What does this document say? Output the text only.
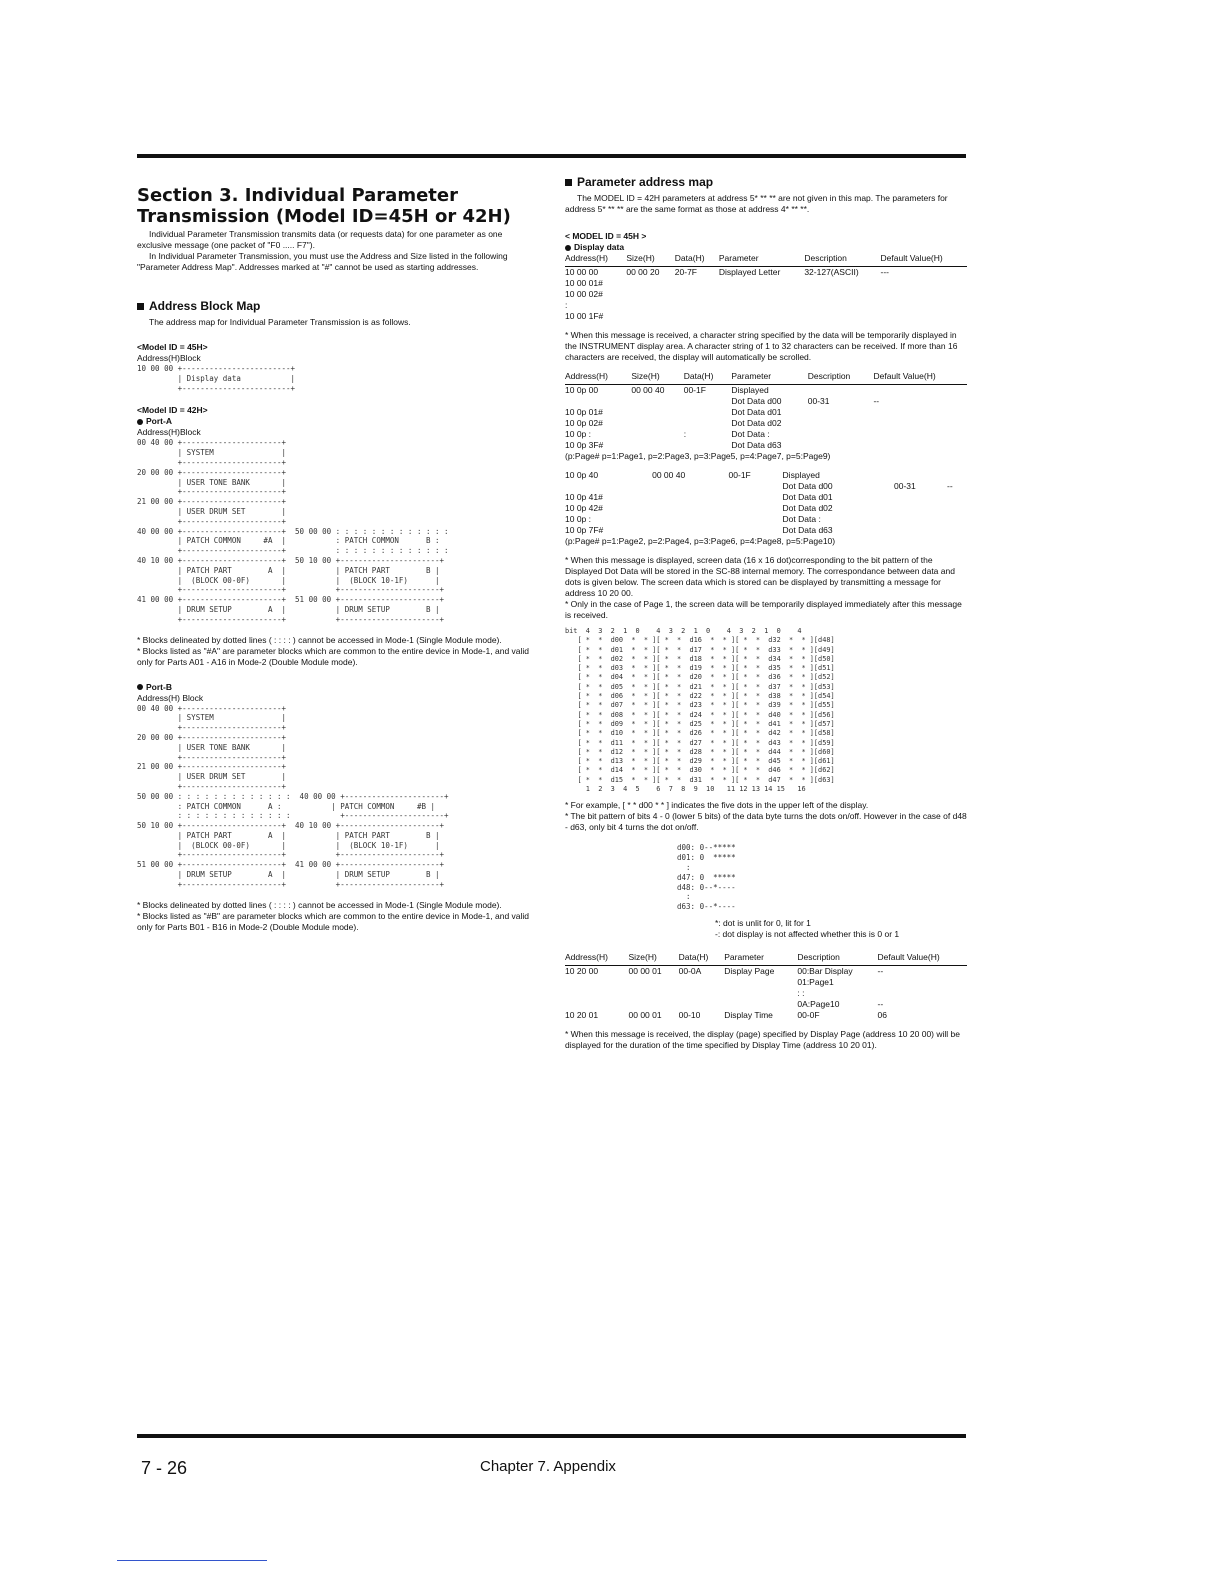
Section 3. Individual Parameter Transmission (Model ID=45H or 42H)

Individual Parameter Transmission transmits data (or requests data) for one parameter as one exclusive message (one packet of "F0 ..... F7").

In Individual Parameter Transmission, you must use the Address and Size listed in the following "Parameter Address Map". Addresses marked at "#" cannot be used as starting addresses.

Address Block Map

The address map for Individual Parameter Transmission is as follows.

<Model ID = 45H>
Address(H)Block
10 00 00 +------------------------+
| Display data           |
+------------------------+
<Model ID = 42H>
Port-A
Address(H)Block
00 40 00 +----------------------+
| SYSTEM               |
+----------------------+
20 00 00 +----------------------+
| USER TONE BANK       |
+----------------------+
21 00 00 +----------------------+
| USER DRUM SET        |
+----------------------+
40 00 00 +----------------------+  50 00 00 : : : : : : : : : : : : :
| PATCH COMMON     #A  |           : PATCH COMMON      B :
+----------------------+           : : : : : : : : : : : : :
40 10 00 +----------------------+  50 10 00 +----------------------+
| PATCH PART        A  |           | PATCH PART        B |
|  (BLOCK 00-0F)       |           |  (BLOCK 10-1F)      |
+----------------------+           +----------------------+
41 00 00 +----------------------+  51 00 00 +----------------------+
| DRUM SETUP        A  |           | DRUM SETUP        B |
+----------------------+           +----------------------+

* Blocks delineated by dotted lines ( : : : : ) cannot be accessed in Mode-1 (Single Module mode).

* Blocks listed as "#A" are parameter blocks which are common to the entire device in Mode-1, and valid only for Parts A01 - A16 in Mode-2 (Double Module mode).

Port-B
Address(H) Block
00 40 00 +----------------------+
| SYSTEM               |
+----------------------+
20 00 00 +----------------------+
| USER TONE BANK       |
+----------------------+
21 00 00 +----------------------+
| USER DRUM SET        |
+----------------------+
50 00 00 : : : : : : : : : : : : :  40 00 00 +----------------------+
: PATCH COMMON      A :           | PATCH COMMON     #B |
: : : : : : : : : : : : :           +----------------------+
50 10 00 +----------------------+  40 10 00 +----------------------+
| PATCH PART        A  |           | PATCH PART        B |
|  (BLOCK 00-0F)       |           |  (BLOCK 10-1F)      |
+----------------------+           +----------------------+
51 00 00 +----------------------+  41 00 00 +----------------------+
| DRUM SETUP        A  |           | DRUM SETUP        B |
+----------------------+           +----------------------+

* Blocks delineated by dotted lines ( : : : : ) cannot be accessed in Mode-1 (Single Module mode).

* Blocks listed as "#B" are parameter blocks which are common to the entire device in Mode-1, and valid only for Parts B01 - B16 in Mode-2 (Double Module mode).

Parameter address map

The MODEL ID = 42H parameters at address 5* ** ** are not given in this map. The parameters for address 5* ** ** are the same format as those at address 4* ** **.

< MODEL ID = 45H >
Display data
Address(H)	Size(H)	Data(H)	Parameter	Description	Default Value(H)
10 00 00	00 00 20	20-7F	Displayed Letter	32-127(ASCII)	---
10 00 01#					
10 00 02#					
:					
10 00 1F#					

* When this message is received, a character string specified by the data will be temporarily displayed in the INSTRUMENT display area. A character string of 1 to 32 characters can be received. If more than 16 characters are received, the display will automatically be scrolled.

Address(H)	Size(H)	Data(H)	Parameter	Description	Default Value(H)
10 0p 00	00 00 40	00-1F	Displayed		
			Dot Data d00	00-31	--
10 0p 01#			Dot Data d01		
10 0p 02#			Dot Data d02		
10 0p :		:	Dot Data :		
10 0p 3F#			Dot Data d63		

(p:Page# p=1:Page1, p=2:Page3, p=3:Page5, p=4:Page7, p=5:Page9)

10 0p 40	00 00 40	00-1F	Displayed		
			Dot Data d00	00-31	--
10 0p 41#			Dot Data d01		
10 0p 42#			Dot Data d02		
10 0p :			Dot Data :		
10 0p 7F#			Dot Data d63		

(p:Page# p=1:Page2, p=2:Page4, p=3:Page6, p=4:Page8, p=5:Page10)

* When this message is displayed, screen data (16 x 16 dot)corresponding to the bit pattern of the Displayed Dot Data will be stored in the SC-88 internal memory. The correspondance between data and dots is given below. The screen data which is stored can be displayed by transmitting a message for address 10 20 00.

* Only in the case of Page 1, the screen data will be temporarily displayed immediately after this message is received.

bit  4  3  2  1  0    4  3  2  1  0    4  3  2  1  0    4
[ *  *  d00  *  * ][ *  *  d16  *  * ][ *  *  d32  *  * ][d48]
[ *  *  d01  *  * ][ *  *  d17  *  * ][ *  *  d33  *  * ][d49]
[ *  *  d02  *  * ][ *  *  d18  *  * ][ *  *  d34  *  * ][d50]
[ *  *  d03  *  * ][ *  *  d19  *  * ][ *  *  d35  *  * ][d51]
[ *  *  d04  *  * ][ *  *  d20  *  * ][ *  *  d36  *  * ][d52]
[ *  *  d05  *  * ][ *  *  d21  *  * ][ *  *  d37  *  * ][d53]
[ *  *  d06  *  * ][ *  *  d22  *  * ][ *  *  d38  *  * ][d54]
[ *  *  d07  *  * ][ *  *  d23  *  * ][ *  *  d39  *  * ][d55]
[ *  *  d08  *  * ][ *  *  d24  *  * ][ *  *  d40  *  * ][d56]
[ *  *  d09  *  * ][ *  *  d25  *  * ][ *  *  d41  *  * ][d57]
[ *  *  d10  *  * ][ *  *  d26  *  * ][ *  *  d42  *  * ][d58]
[ *  *  d11  *  * ][ *  *  d27  *  * ][ *  *  d43  *  * ][d59]
[ *  *  d12  *  * ][ *  *  d28  *  * ][ *  *  d44  *  * ][d60]
[ *  *  d13  *  * ][ *  *  d29  *  * ][ *  *  d45  *  * ][d61]
[ *  *  d14  *  * ][ *  *  d30  *  * ][ *  *  d46  *  * ][d62]
[ *  *  d15  *  * ][ *  *  d31  *  * ][ *  *  d47  *  * ][d63]
1  2  3  4  5    6  7  8  9  10   11 12 13 14 15   16

* For example, [ * * d00 * * ] indicates the five dots in the upper left of the display.

* The bit pattern of bits 4 - 0 (lower 5 bits) of the data byte turns the dots on/off. However in the case of d48 - d63, only bit 4 turns the dot on/off.

d00: 0--*****
d01: 0  *****
:
d47: 0  *****
d48: 0--*----
:
d63: 0--*----

*: dot is unlit for 0, lit for 1

-: dot display is not affected whether this is 0 or 1

Address(H)	Size(H)	Data(H)	Parameter	Description	Default Value(H)
10 20 00	00 00 01	00-0A	Display Page	00:Bar Display	--
				01:Page1	
				: :	
				0A:Page10	--

10 20 01	00 00 01	00-10	Display Time	00-0F	06

* When this message is received, the display (page) specified by Display Page (address 10 20 00) will be displayed for the duration of the time specified by Display Time (address 10 20 01).

7 - 26	Chapter 7. Appendix
